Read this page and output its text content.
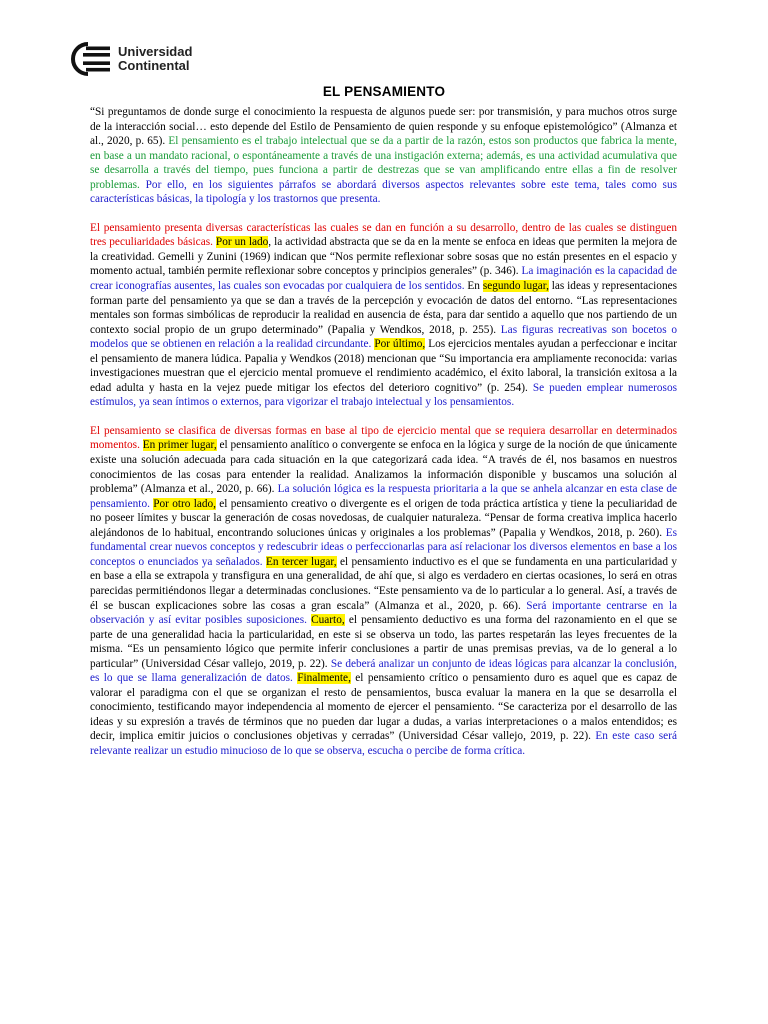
Universidad
Continental
EL PENSAMIENTO

“Si preguntamos de donde surge el conocimiento la respuesta de algunos puede ser: por transmisión, y para muchos otros surge de la interacción social… esto depende del Estilo de Pensamiento de quien responde y su enfoque epistemológico” (Almanza et al., 2020, p. 65). El pensamiento es el trabajo intelectual que se da a partir de la razón, estos son productos que fabrica la mente, en base a un mandato racional, o espontáneamente a través de una instigación externa; además, es una actividad acumulativa que se desarrolla a través del tiempo, pues funciona a partir de destrezas que se van amplificando entre ellas a fin de resolver problemas. Por ello, en los siguientes párrafos se abordará diversos aspectos relevantes sobre este tema, tales como sus características básicas, la tipología y los trastornos que presenta.

El pensamiento presenta diversas características las cuales se dan en función a su desarrollo, dentro de las cuales se distinguen tres peculiaridades básicas. Por un lado, la actividad abstracta que se da en la mente se enfoca en ideas que permiten la mejora de la creatividad. Gemelli y Zunini (1969) indican que “Nos permite reflexionar sobre sosas que no están presentes en el espacio y momento actual, también permite reflexionar sobre conceptos y principios generales” (p. 346). La imaginación es la capacidad de crear iconografías ausentes, las cuales son evocadas por cualquiera de los sentidos. En segundo lugar, las ideas y representaciones forman parte del pensamiento ya que se dan a través de la percepción y evocación de datos del entorno. “Las representaciones mentales son formas simbólicas de reproducir la realidad en ausencia de ésta, para dar sentido a aquello que nos partiendo de un contexto social propio de un grupo determinado” (Papalia y Wendkos, 2018, p. 255). Las figuras recreativas son bocetos o modelos que se obtienen en relación a la realidad circundante. Por último, Los ejercicios mentales ayudan a perfeccionar e incitar el pensamiento de manera lúdica. Papalia y Wendkos (2018) mencionan que “Su importancia era ampliamente reconocida: varias investigaciones muestran que el ejercicio mental promueve el rendimiento académico, el éxito laboral, la transición exitosa a la edad adulta y hasta en la vejez puede mitigar los efectos del deterioro cognitivo” (p. 254). Se pueden emplear numerosos estímulos, ya sean íntimos o externos, para vigorizar el trabajo intelectual y los pensamientos.

El pensamiento se clasifica de diversas formas en base al tipo de ejercicio mental que se requiera desarrollar en determinados momentos. En primer lugar, el pensamiento analítico o convergente se enfoca en la lógica y surge de la noción de que únicamente existe una solución adecuada para cada situación en la que categorizará cada idea. “A través de él, nos basamos en nuestros conocimientos de las cosas para entender la realidad. Analizamos la información disponible y buscamos una solución al problema” (Almanza et al., 2020, p. 66). La solución lógica es la respuesta prioritaria a la que se anhela alcanzar en esta clase de pensamiento. Por otro lado, el pensamiento creativo o divergente es el origen de toda práctica artística y tiene la peculiaridad de no poseer límites y buscar la generación de cosas novedosas, de cualquier naturaleza. “Pensar de forma creativa implica hacerlo alejándonos de lo habitual, encontrando soluciones únicas y originales a los problemas” (Papalia y Wendkos, 2018, p. 260). Es fundamental crear nuevos conceptos y redescubrir ideas o perfeccionarlas para así relacionar los diversos elementos en base a los conceptos o enunciados ya señalados. En tercer lugar, el pensamiento inductivo es el que se fundamenta en una particularidad y en base a ella se extrapola y transfigura en una generalidad, de ahí que, si algo es verdadero en ciertas ocasiones, lo será en otras parecidas permitiéndonos llegar a determinadas conclusiones. “Este pensamiento va de lo particular a lo general. Así, a través de él se buscan explicaciones sobre las cosas a gran escala” (Almanza et al., 2020, p. 66). Será importante centrarse en la observación y así evitar posibles suposiciones. Cuarto, el pensamiento deductivo es una forma del razonamiento en el que se parte de una generalidad hacia la particularidad, en este si se observa un todo, las partes respetarán las leyes frecuentes de la misma. “Es un pensamiento lógico que permite inferir conclusiones a partir de unas premisas previas, va de lo general a lo particular” (Universidad César vallejo, 2019, p. 22). Se deberá analizar un conjunto de ideas lógicas para alcanzar la conclusión, es lo que se llama generalización de datos. Finalmente, el pensamiento crítico o pensamiento duro es aquel que es capaz de valorar el paradigma con el que se organizan el resto de pensamientos, busca evaluar la manera en la que se desarrolla el conocimiento, testificando mayor independencia al momento de ejercer el pensamiento. “Se caracteriza por el desarrollo de las ideas y su expresión a través de términos que no pueden dar lugar a dudas, a varias interpretaciones o a malos entendidos; es decir, implica emitir juicios o conclusiones objetivas y cerradas” (Universidad César vallejo, 2019, p. 22). En este caso será relevante realizar un estudio minucioso de lo que se observa, escucha o percibe de forma crítica.
